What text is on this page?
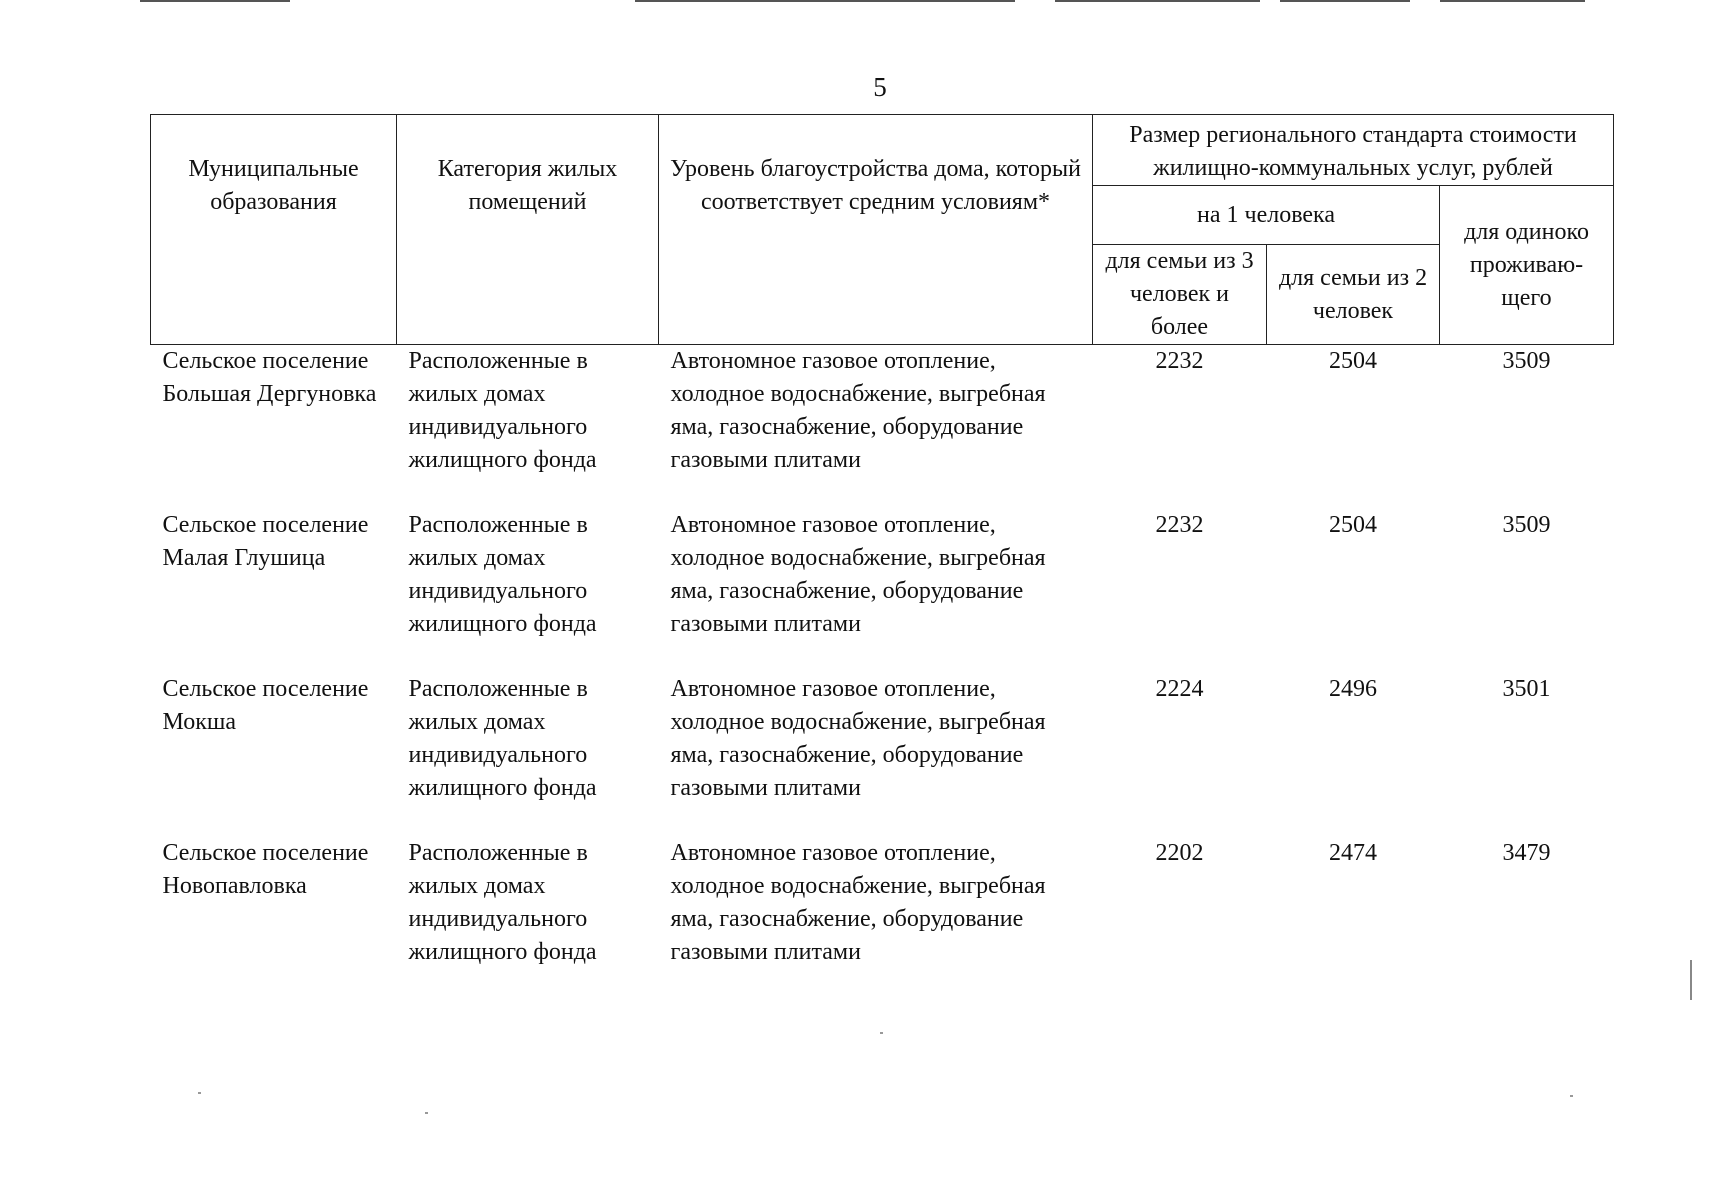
5
Муниципальные образования	Категория жилых помещений	Уровень благоустройства дома, который соответствует средним условиям*	Размер регионального стандарта стоимости жилищно-коммунальных услуг, рублей		
			на 1 человека		для одиноко проживаю-щего
			для семьи из 3 человек и более	для семьи из 2 человек	
Сельское поселение Большая Дергуновка	Расположенные в жилых домах индивидуального жилищного фонда	Автономное газовое отопление, холодное водоснабжение, выгребная яма, газоснабжение, оборудование газовыми плитами	2232	2504	3509
Сельское поселение Малая Глушица	Расположенные в жилых домах индивидуального жилищного фонда	Автономное газовое отопление, холодное водоснабжение, выгребная яма, газоснабжение, оборудование газовыми плитами	2232	2504	3509
Сельское поселение Мокша	Расположенные в жилых домах индивидуального жилищного фонда	Автономное газовое отопление, холодное водоснабжение, выгребная яма, газоснабжение, оборудование газовыми плитами	2224	2496	3501
Сельское поселение Новопавловка	Расположенные в жилых домах индивидуального жилищного фонда	Автономное газовое отопление, холодное водоснабжение, выгребная яма, газоснабжение, оборудование газовыми плитами	2202	2474	3479
